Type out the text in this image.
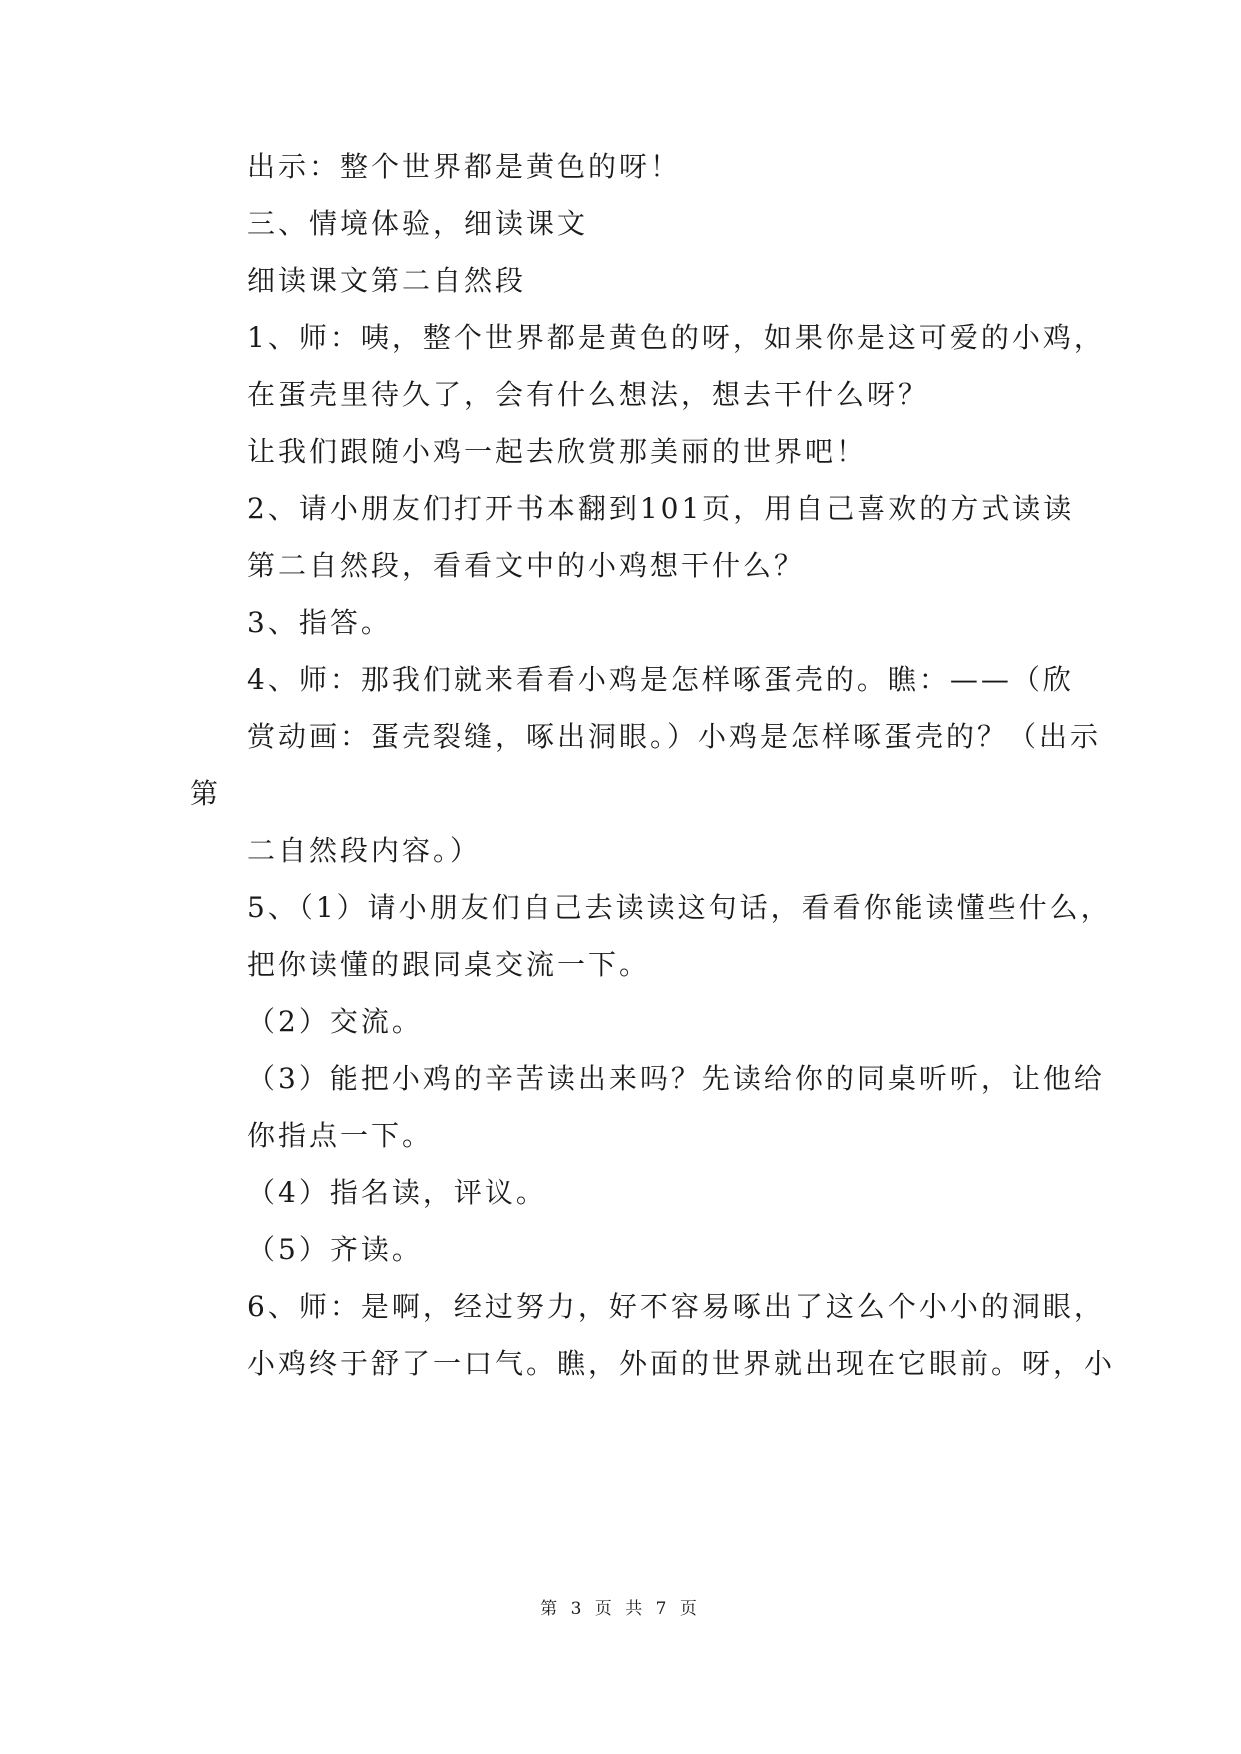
出示：整个世界都是黄色的呀！
三、情境体验，细读课文
细读课文第二自然段
1、师：咦，整个世界都是黄色的呀，如果你是这可爱的小鸡，
在蛋壳里待久了，会有什么想法，想去干什么呀？
让我们跟随小鸡一起去欣赏那美丽的世界吧！
2、请小朋友们打开书本翻到101页，用自己喜欢的方式读读
第二自然段，看看文中的小鸡想干什么？
3、指答。
4、师：那我们就来看看小鸡是怎样啄蛋壳的。瞧：——（欣
赏动画：蛋壳裂缝，啄出洞眼。）小鸡是怎样啄蛋壳的？（出示
第
二自然段内容。）
5、（1）请小朋友们自己去读读这句话，看看你能读懂些什么，
把你读懂的跟同桌交流一下。
（2）交流。
（3）能把小鸡的辛苦读出来吗？先读给你的同桌听听，让他给
你指点一下。
（4）指名读，评议。
（5）齐读。
6、师：是啊，经过努力，好不容易啄出了这么个小小的洞眼，
小鸡终于舒了一口气。瞧，外面的世界就出现在它眼前。呀，小
第 3 页 共 7 页
